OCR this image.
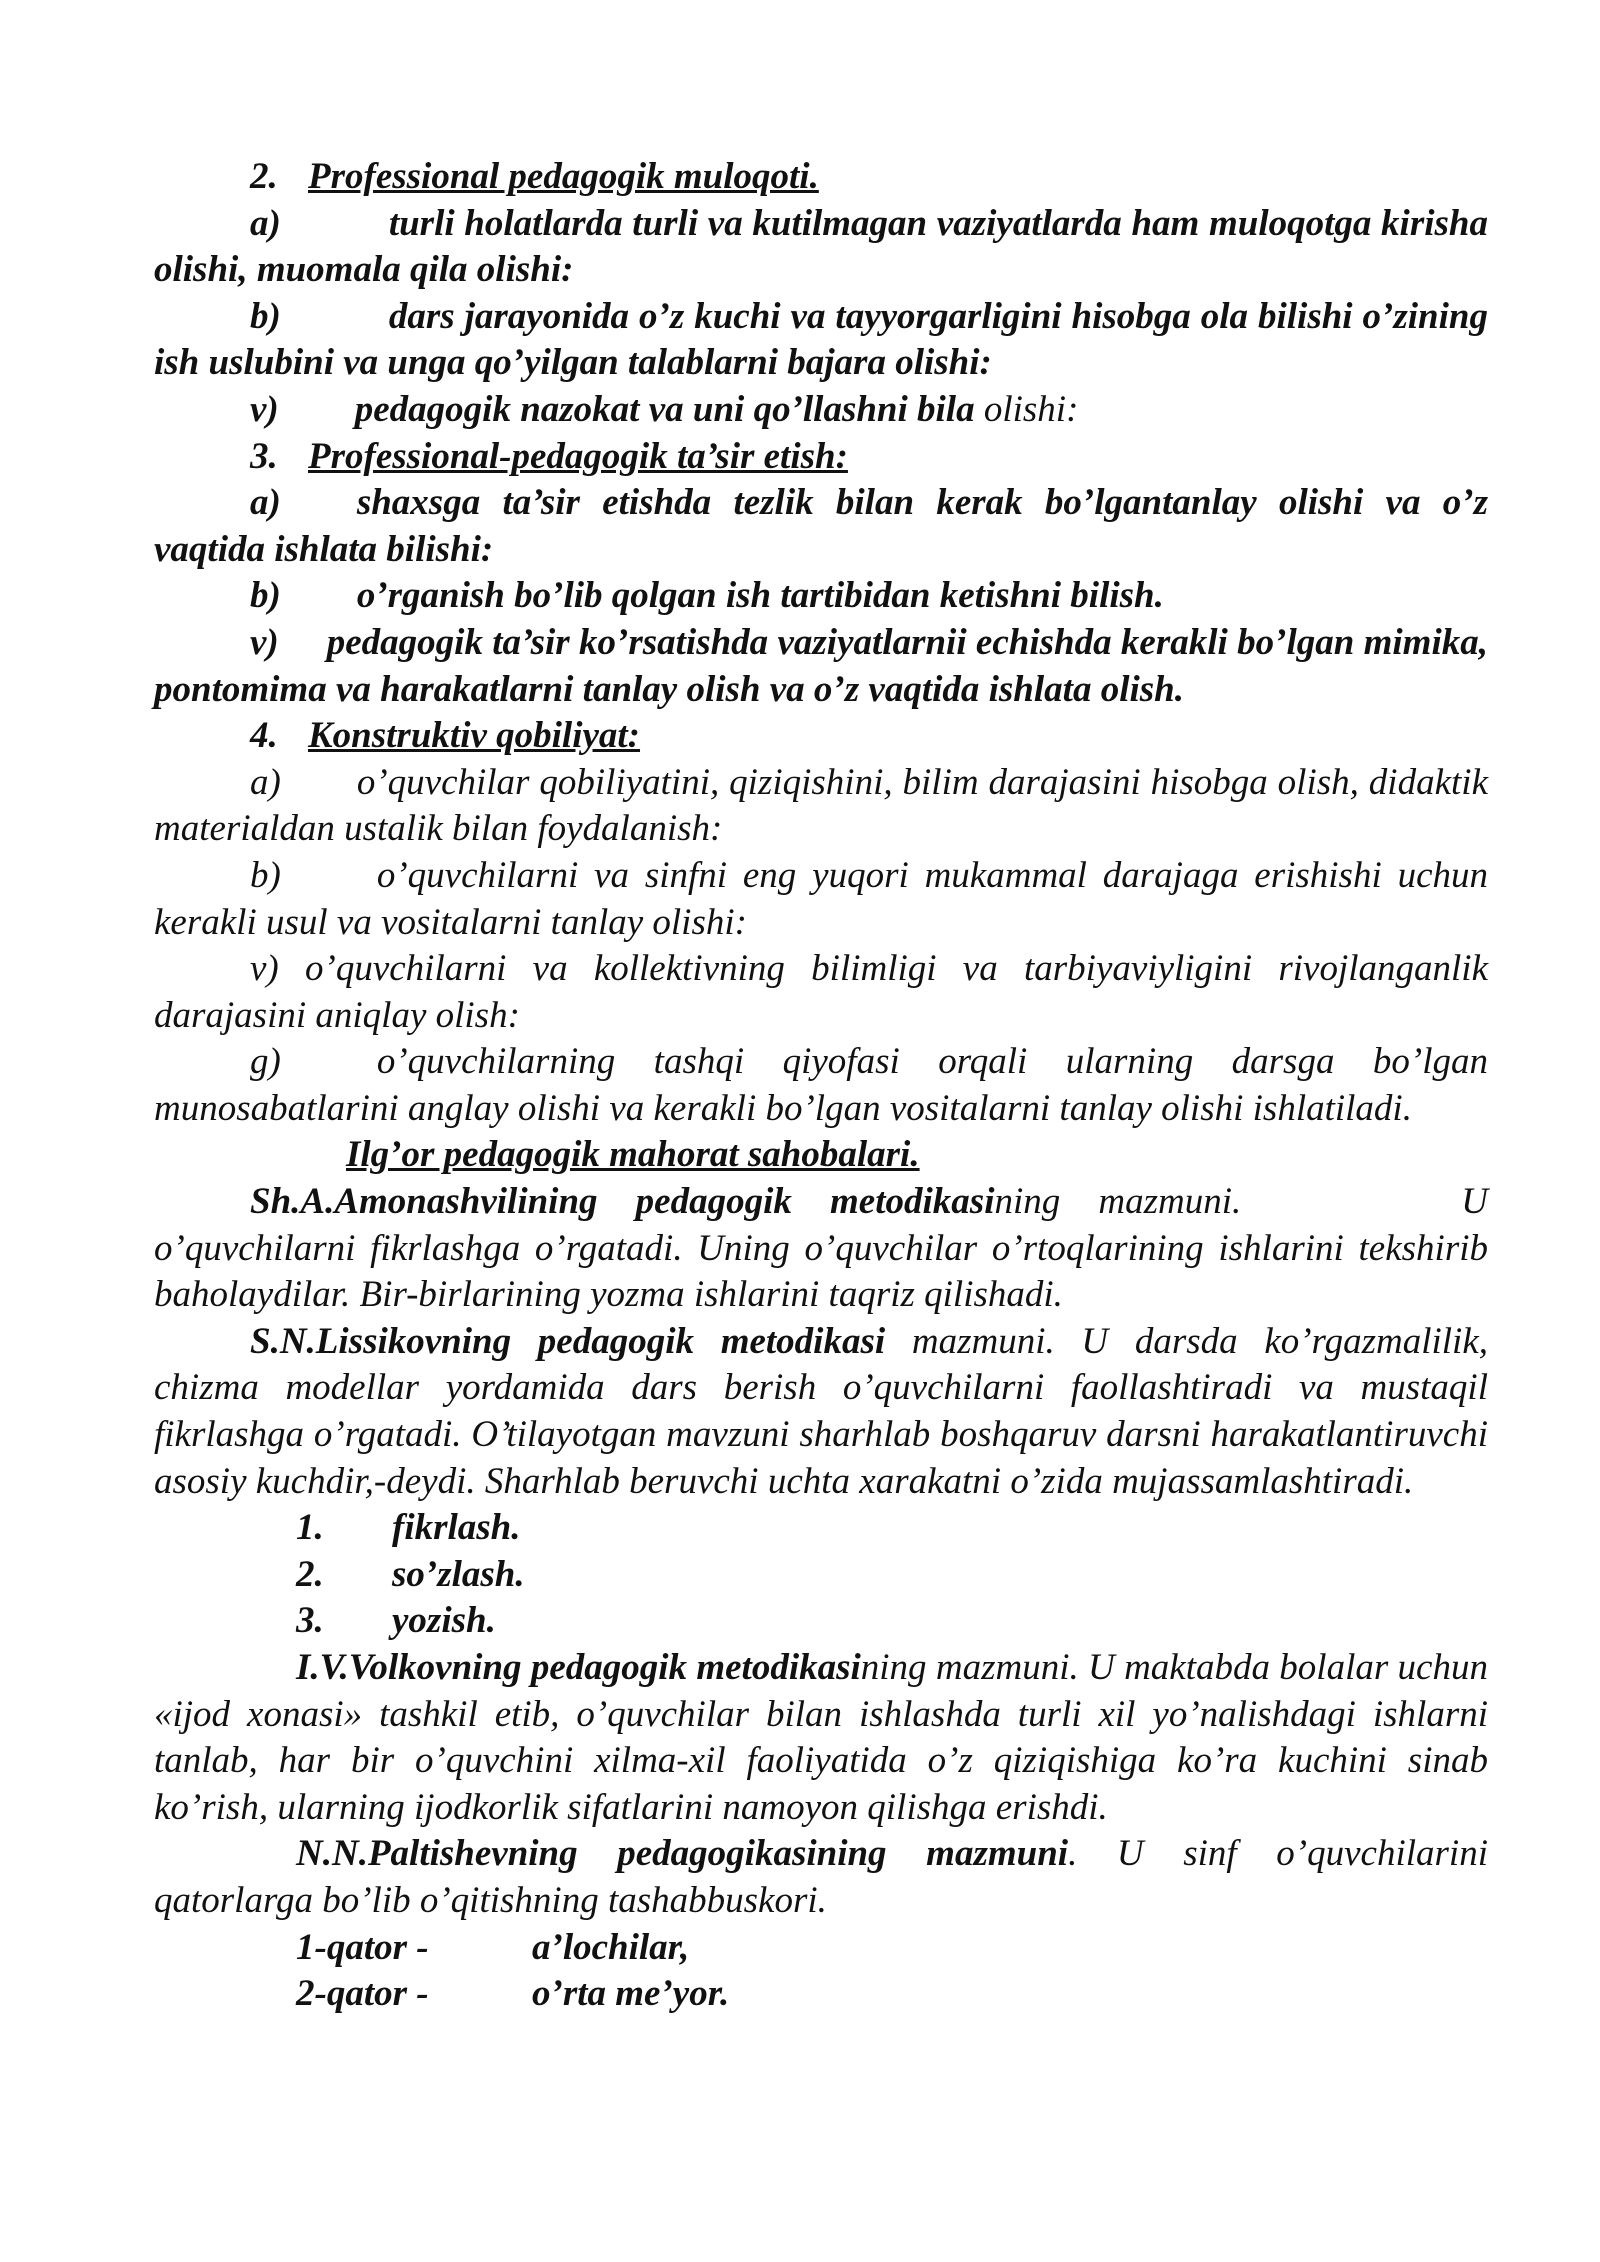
2. Professional pedagogik muloqoti.

a)	turli holatlarda turli va kutilmagan vaziyatlarda ham muloqotga kirisha olishi, muomala qila olishi:

b)	dars jarayonida o’z kuchi va tayyorgarligini hisobga ola bilishi o’zining ish uslubini va unga qo’yilgan talablarni bajara olishi:

v) pedagogik nazokat va uni qo’llashni bila olishi:

3. Professional-pedagogik ta’sir etish:

a) shaxsga ta’sir etishda tezlik bilan kerak bo’lgantanlay olishi va o’z vaqtida ishlata bilishi:

b) o’rganish bo’lib qolgan ish tartibidan ketishni bilish.

v) pedagogik ta’sir ko’rsatishda vaziyatlarnii echishda kerakli bo’lgan mimika, pontomima va harakatlarni tanlay olish va o’z vaqtida ishlata olish.

4. Konstruktiv qobiliyat:

a) o’quvchilar qobiliyatini, qiziqishini, bilim darajasini hisobga olish, didaktik materialdan ustalik bilan foydalanish:

b)	o’quvchilarni va sinfni eng yuqori mukammal darajaga erishishi uchun kerakli usul va vositalarni tanlay olishi:

v) o’quvchilarni va kollektivning bilimligi va tarbiyaviyligini rivojlanganlik darajasini aniqlay olish:

g)	o’quvchilarning tashqi qiyofasi orqali ularning darsga bo’lgan munosabatlarini anglay olishi va kerakli bo’lgan vositalarni tanlay olishi ishlatiladi.

Ilg’or pedagogik mahorat sahobalari.

Sh.A.Amonashvilining pedagogik metodikasining mazmuni.	U o’quvchilarni fikrlashga o’rgatadi. Uning o’quvchilar o’rtoqlarining ishlarini tekshirib baholaydilar. Bir-birlarining yozma ishlarini taqriz qilishadi.

S.N.Lissikovning pedagogik metodikasi mazmuni. U darsda ko’rgazmalilik, chizma modellar yordamida dars berish o’quvchilarni faollashtiradi va mustaqil fikrlashga o’rgatadi. O’tilayotgan mavzuni sharhlab boshqaruv darsni harakatlantiruvchi asosiy kuchdir,-deydi. Sharhlab beruvchi uchta xarakatni o’zida mujassamlashtiradi.

1. fikrlash.
2. so’zlash.
3. yozish.

I.V.Volkovning pedagogik metodikasining mazmuni. U maktabda bolalar uchun «ijod xonasi» tashkil etib, o’quvchilar bilan ishlashda turli xil yo’nalishdagi ishlarni tanlab, har bir o’quvchini xilma-xil faoliyatida o’z qiziqishiga ko’ra kuchini sinab ko’rish, ularning ijodkorlik sifatlarini namoyon qilishga erishdi.

N.N.Paltishevning pedagogikasining mazmuni. U sinf o’quvchilarini qatorlarga bo’lib o’qitishning tashabbuskori.

1-qator -	a’lochilar,
2-qator -	o’rta me’yor.
